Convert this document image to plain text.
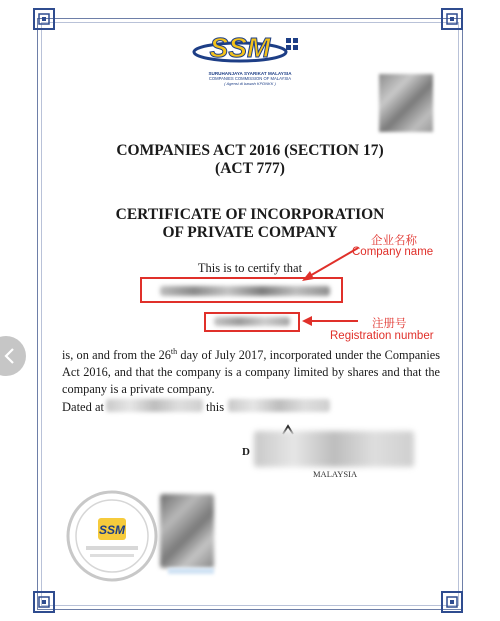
SSM
SURUHANJAYA SYARIKAT MALAYSIA
COMPANIES COMMISSION OF MALAYSIA
( Agensi di bawah KPDNKK )
COMPANIES ACT 2016 (SECTION 17)
(ACT 777)
CERTIFICATE OF INCORPORATION
OF PRIVATE COMPANY	企业名称
Company name
This is to certify that
注册号
Registration number
is, on and from the 26th day of July 2017, incorporated under the Companies Act 2016, and that the company is a company limited by shares and that the company is a private company.
Dated at	this
D
MALAYSIA
SSM
